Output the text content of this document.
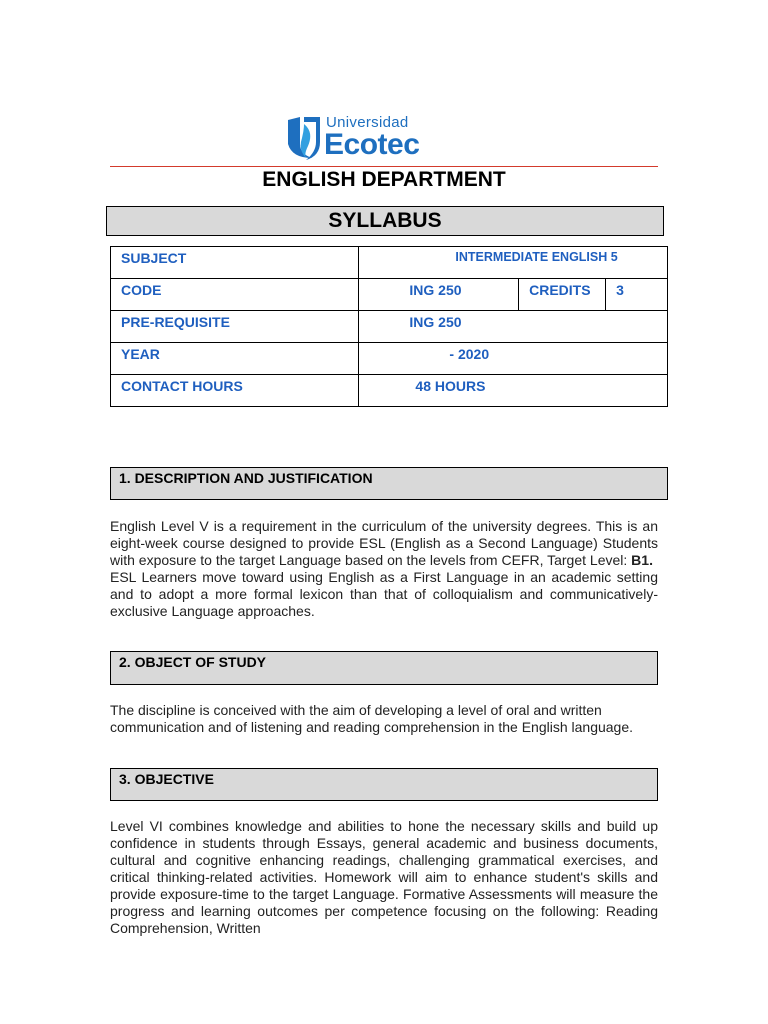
Universidad
Ecotec
ENGLISH DEPARTMENT
SYLLABUS
SUBJECT	INTERMEDIATE ENGLISH 5		
CODE	ING 250	CREDITS	3
PRE-REQUISITE	ING 250		
YEAR	- 2020		
CONTACT HOURS	48 HOURS		
1. DESCRIPTION AND JUSTIFICATION
English Level V is a requirement in the curriculum of the university degrees. This is an eight-week course designed to provide ESL (English as a Second Language) Students with exposure to the target Language based on the levels from CEFR, Target Level: B1.
ESL Learners move toward using English as a First Language in an academic setting and to adopt a more formal lexicon than that of colloquialism and communicatively-exclusive Language approaches.
2. OBJECT OF STUDY
The discipline is conceived with the aim of developing a level of oral and written communication and of listening and reading comprehension in the English language.
3. OBJECTIVE
Level VI combines knowledge and abilities to hone the necessary skills and build up confidence in students through Essays, general academic and business documents, cultural and cognitive enhancing readings, challenging grammatical exercises, and critical thinking-related activities. Homework will aim to enhance student's skills and provide exposure-time to the target Language. Formative Assessments will measure the progress and learning outcomes per competence focusing on the following: Reading Comprehension, Written
